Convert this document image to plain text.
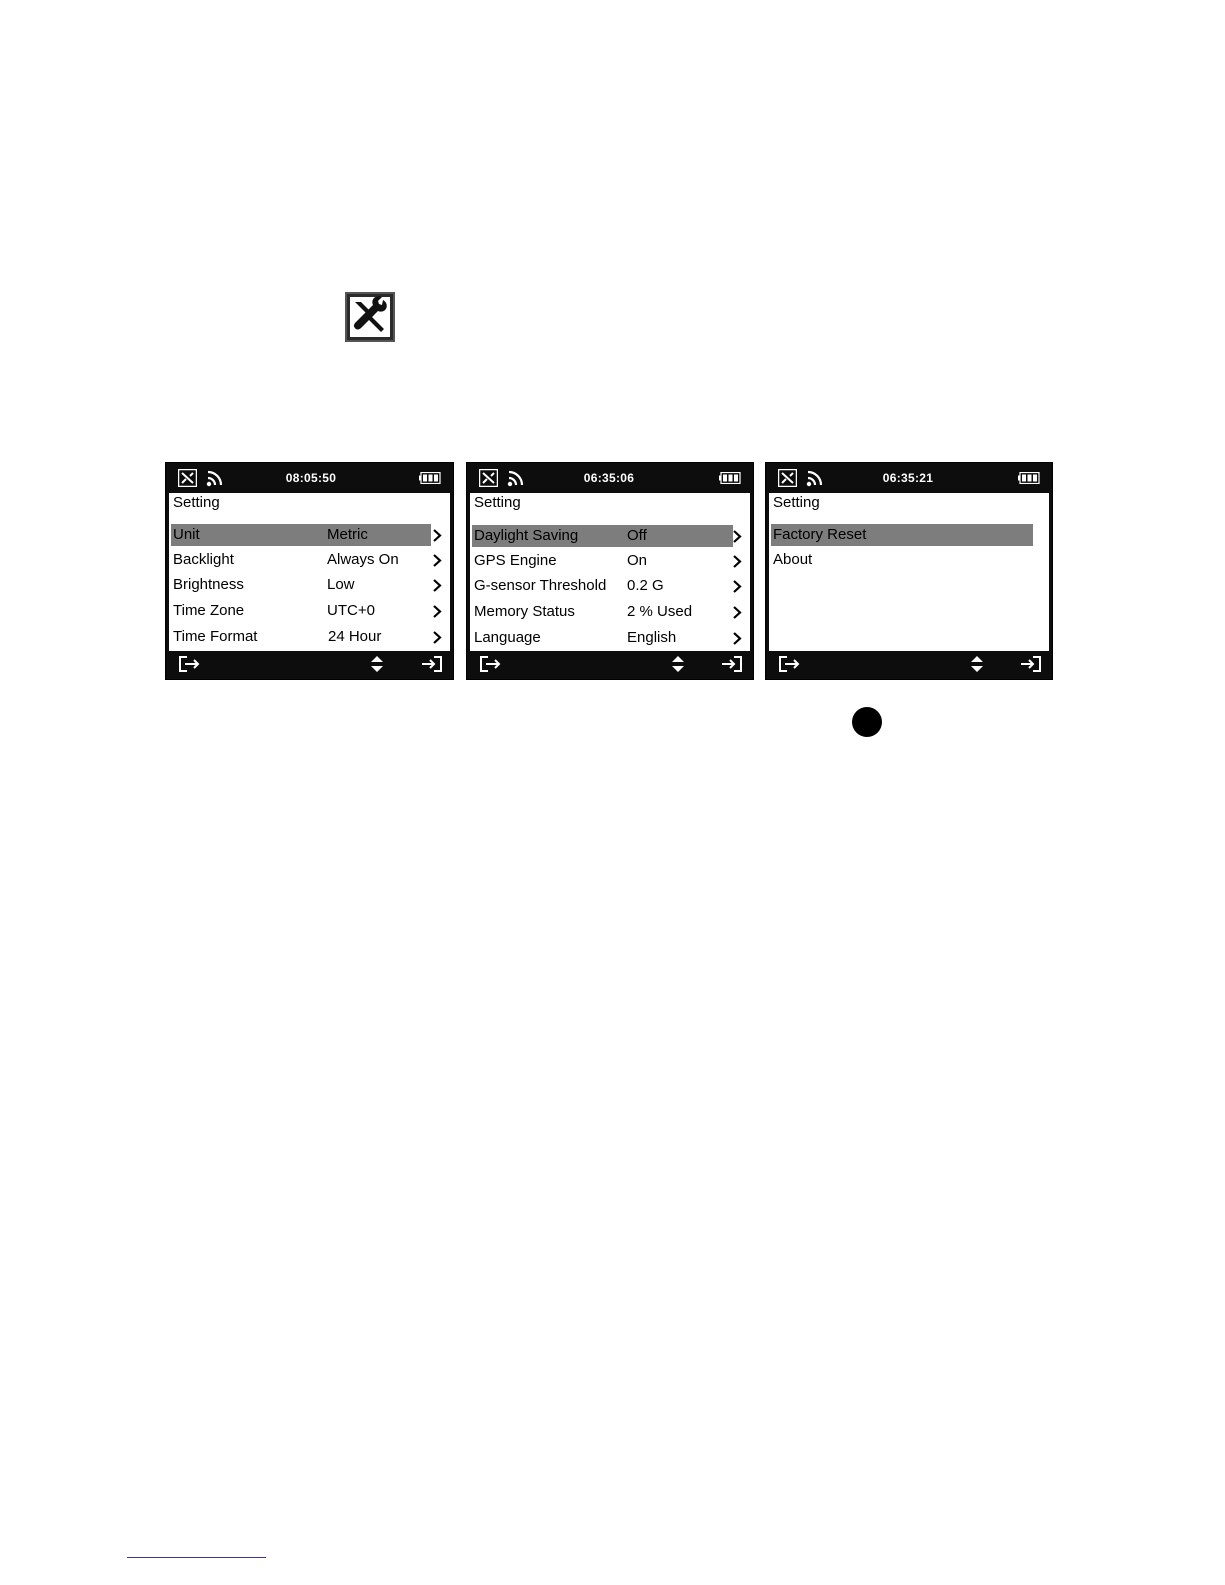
08:05:50
Setting
Unit	Metric
Backlight	Always On
Brightness	Low
Time Zone	UTC+0
Time Format	24 Hour
06:35:06
Setting
Daylight Saving	Off
GPS Engine	On
G-sensor Threshold 0.2 G
Memory Status	2 % Used
Language	English
06:35:21
Setting
Factory Reset
About
